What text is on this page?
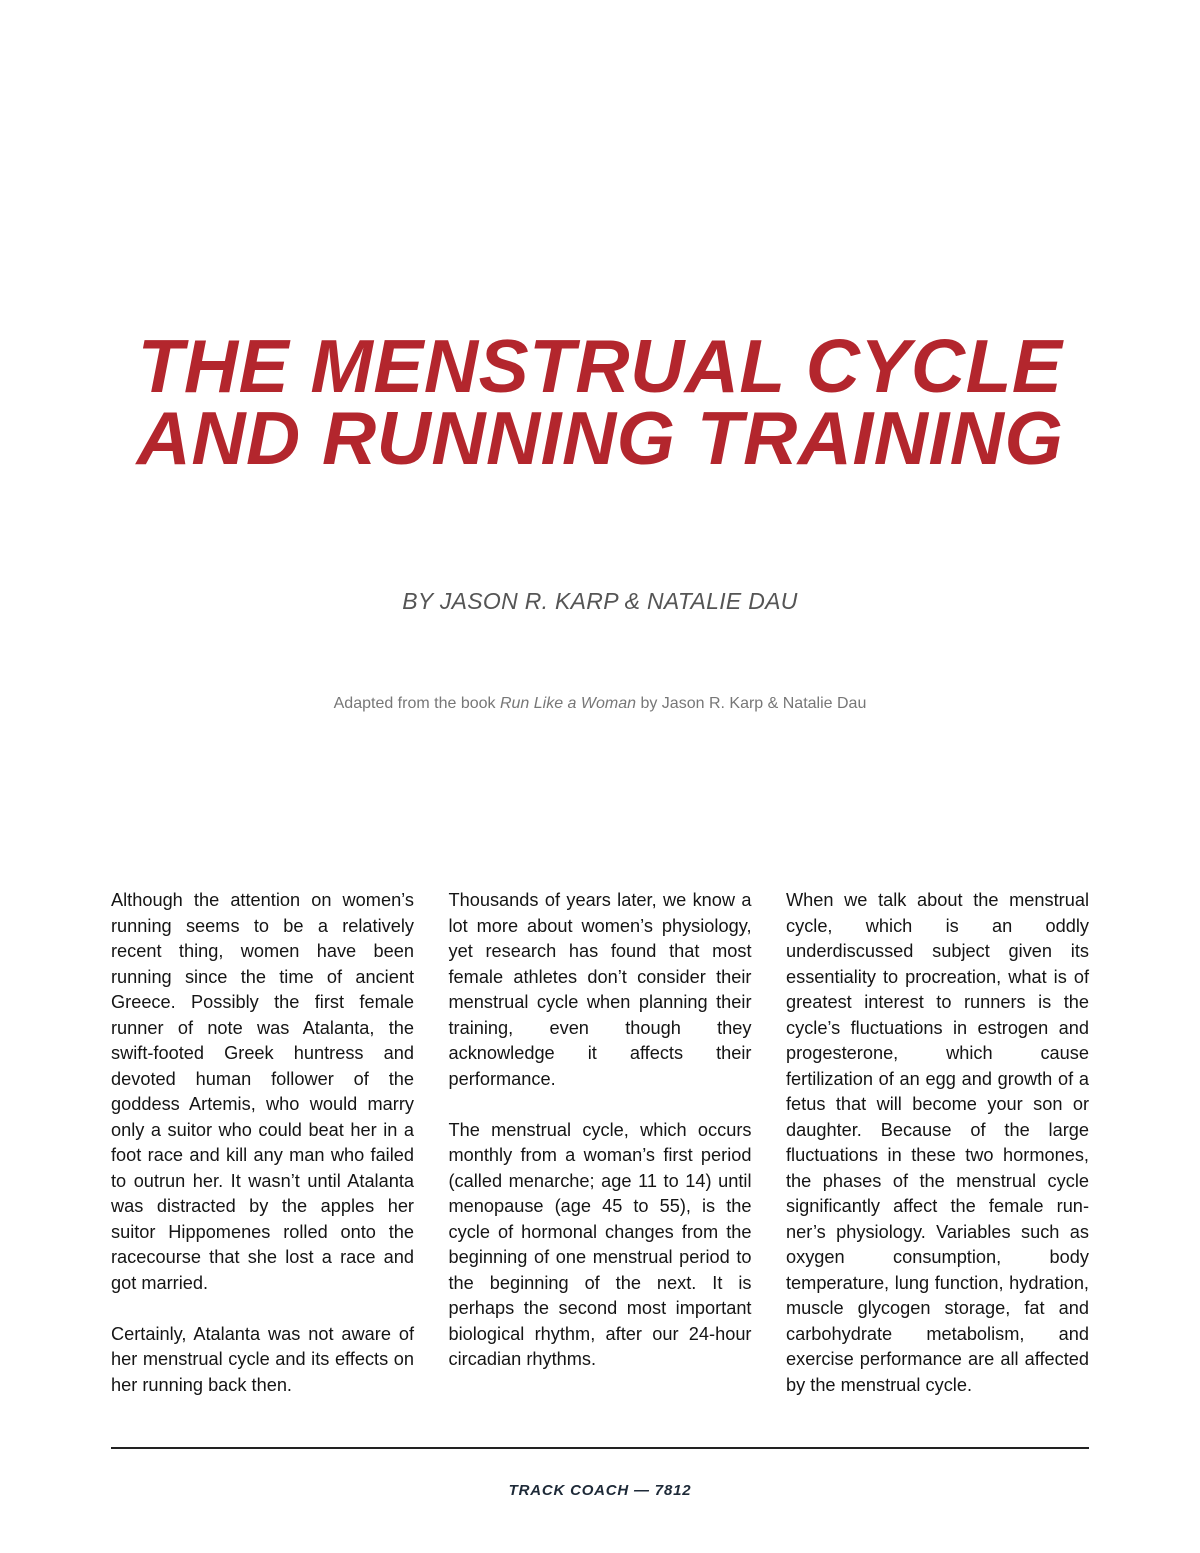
THE MENSTRUAL CYCLE
AND RUNNING TRAINING
BY JASON R. KARP & NATALIE DAU
Adapted from the book Run Like a Woman by Jason R. Karp & Natalie Dau

Although the attention on women’s running seems to be a relatively recent thing, women have been running since the time of ancient Greece. Possibly the first female runner of note was Atalanta, the swift-footed Greek huntress and devoted human follower of the goddess Artemis, who would marry only a suitor who could beat her in a foot race and kill any man who failed to outrun her. It wasn’t until Atalanta was distracted by the apples her suitor Hippomenes rolled onto the racecourse that she lost a race and got married.

Certainly, Atalanta was not aware of her menstrual cycle and its effects on her running back then.

Thousands of years later, we know a lot more about women’s physiology, yet research has found that most female athletes don’t consider their menstrual cycle when planning their training, even though they acknowledge it affects their performance.

The menstrual cycle, which occurs monthly from a woman’s first period (called menarche; age 11 to 14) until menopause (age 45 to 55), is the cycle of hormonal changes from the beginning of one menstrual period to the beginning of the next. It is perhaps the second most important biological rhythm, after our 24-hour circadian rhythms.

When we talk about the menstrual cycle, which is an oddly underdiscussed subject given its essentiality to procreation, what is of greatest interest to runners is the cycle’s fluctuations in estrogen and progesterone, which cause fertilization of an egg and growth of a fetus that will become your son or daughter. Because of the large fluctuations in these two hormones, the phases of the menstrual cycle significantly affect the female runner’s physiology. Variables such as oxygen consumption, body temperature, lung function, hydration, muscle glycogen storage, fat and carbohydrate metabolism, and exercise performance are all affected by the menstrual cycle.

TRACK COACH — 7812
